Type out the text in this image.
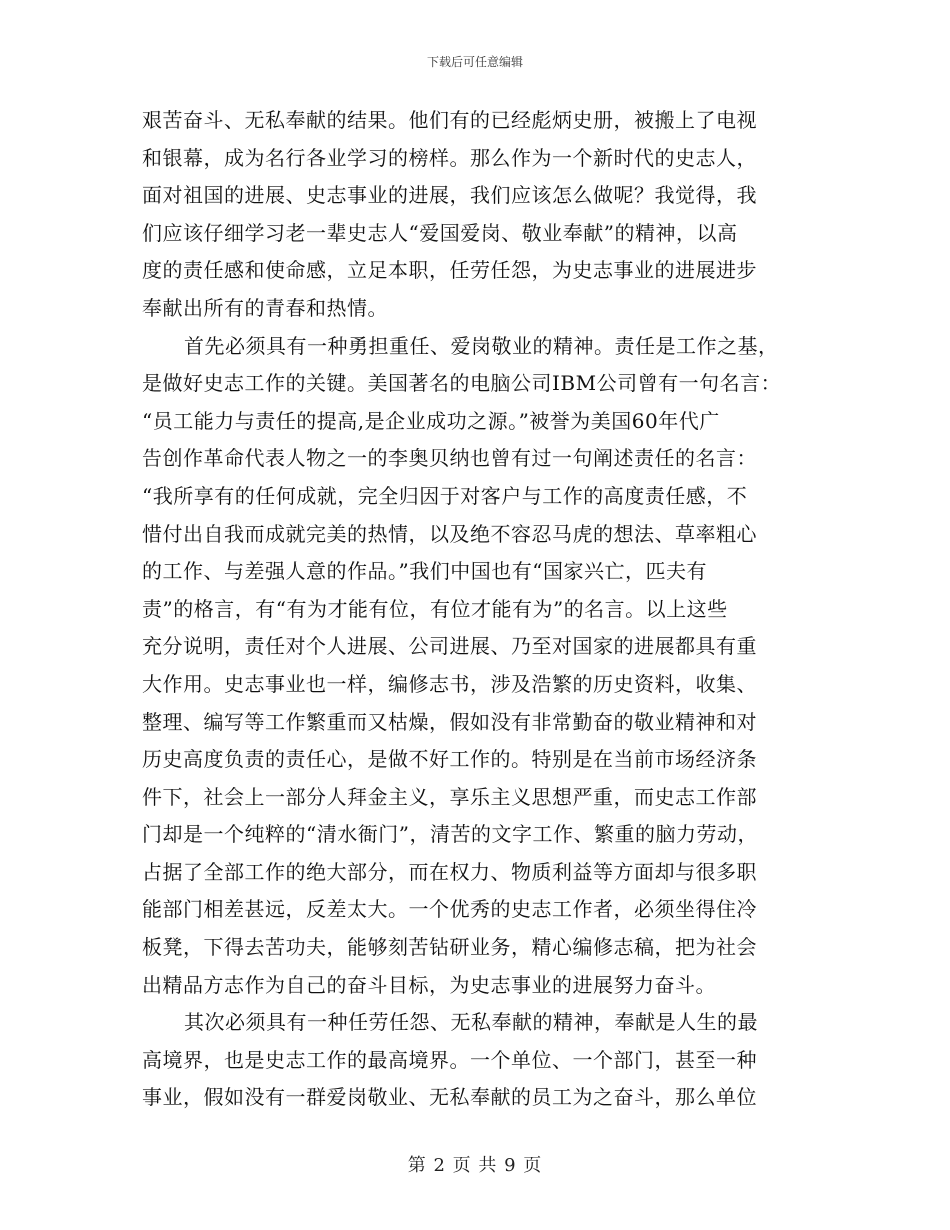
下载后可任意编辑
艰苦奋斗、无私奉献的结果。他们有的已经彪炳史册，被搬上了电视
和银幕，成为名行各业学习的榜样。那么作为一个新时代的史志人，
面对祖国的进展、史志事业的进展，我们应该怎么做呢？我觉得，我
们应该仔细学习老一辈史志人“爱国爱岗、敬业奉献”的精神，以高
度的责任感和使命感，立足本职，任劳任怨，为史志事业的进展进步
奉献出所有的青春和热情。
首先必须具有一种勇担重任、爱岗敬业的精神。责任是工作之基，
是做好史志工作的关键。美国著名的电脑公司IBM公司曾有一句名言：
“员工能力与责任的提高,是企业成功之源。”被誉为美国60年代广
告创作革命代表人物之一的李奥贝纳也曾有过一句阐述责任的名言：
“我所享有的任何成就，完全归因于对客户与工作的高度责任感，不
惜付出自我而成就完美的热情，以及绝不容忍马虎的想法、草率粗心
的工作、与差强人意的作品。”我们中国也有“国家兴亡，匹夫有
责”的格言，有“有为才能有位，有位才能有为”的名言。以上这些
充分说明，责任对个人进展、公司进展、乃至对国家的进展都具有重
大作用。史志事业也一样，编修志书，涉及浩繁的历史资料，收集、
整理、编写等工作繁重而又枯燥，假如没有非常勤奋的敬业精神和对
历史高度负责的责任心，是做不好工作的。特别是在当前市场经济条
件下，社会上一部分人拜金主义，享乐主义思想严重，而史志工作部
门却是一个纯粹的“清水衙门”，清苦的文字工作、繁重的脑力劳动，
占据了全部工作的绝大部分，而在权力、物质利益等方面却与很多职
能部门相差甚远，反差太大。一个优秀的史志工作者，必须坐得住冷
板凳，下得去苦功夫，能够刻苦钻研业务，精心编修志稿，把为社会
出精品方志作为自己的奋斗目标，为史志事业的进展努力奋斗。
其次必须具有一种任劳任怨、无私奉献的精神，奉献是人生的最
高境界，也是史志工作的最高境界。一个单位、一个部门，甚至一种
事业，假如没有一群爱岗敬业、无私奉献的员工为之奋斗，那么单位
第 2 页 共 9 页
